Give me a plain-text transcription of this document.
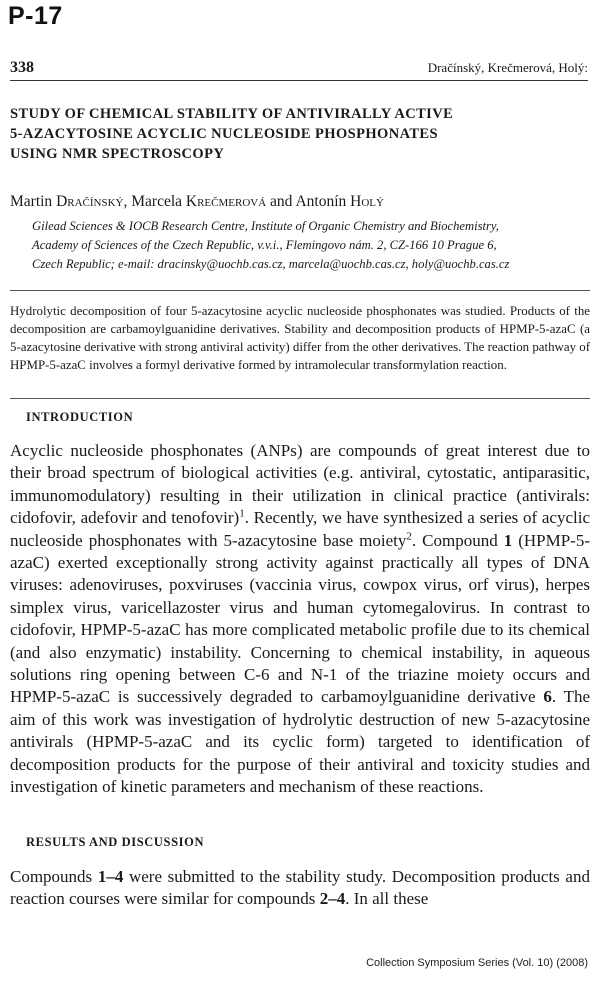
P-17
338	Dračínský, Krečmerová, Holý:
STUDY OF CHEMICAL STABILITY OF ANTIVIRALLY ACTIVE
5-AZACYTOSINE ACYCLIC NUCLEOSIDE PHOSPHONATES
USING NMR SPECTROSCOPY
Martin Dračínský, Marcela Krečmerová and Antonín Holý
Gilead Sciences & IOCB Research Centre, Institute of Organic Chemistry and Biochemistry,
Academy of Sciences of the Czech Republic, v.v.i., Flemingovo nám. 2, CZ-166 10 Prague 6,
Czech Republic; e-mail: dracinsky@uochb.cas.cz, marcela@uochb.cas.cz, holy@uochb.cas.cz

Hydrolytic decomposition of four 5-azacytosine acyclic nucleoside phosphonates was studied. Products of the decomposition are carbamoylguanidine derivatives. Stability and decomposition products of HPMP-5-azaC (a 5-azacytosine derivative with strong antiviral activity) differ from the other derivatives. The reaction pathway of HPMP-5-azaC involves a formyl derivative formed by intramolecular transformylation reaction.

INTRODUCTION

Acyclic nucleoside phosphonates (ANPs) are compounds of great interest due to their broad spectrum of biological activities (e.g. antiviral, cytostatic, antiparasitic, immunomodulatory) resulting in their utilization in clinical practice (antivirals: cidofovir, adefovir and tenofovir)$^1$. Recently, we have synthesized a series of acyclic nucleoside phosphonates with 5-azacytosine base moiety$^2$. Compound 1 (HPMP-5-azaC) exerted exceptionally strong activity against practically all types of DNA viruses: adenoviruses, poxviruses (vaccinia virus, cowpox virus, orf virus), herpes simplex virus, varicellazoster virus and human cytomegalovirus. In contrast to cidofovir, HPMP-5-azaC has more complicated metabolic profile due to its chemical (and also enzymatic) instability. Concerning to chemical instability, in aqueous solutions ring opening between C-6 and N-1 of the triazine moiety occurs and HPMP-5-azaC is successively degraded to carbamoylguanidine derivative 6. The aim of this work was investigation of hydrolytic destruction of new 5-azacytosine antivirals (HPMP-5-azaC and its cyclic form) targeted to identification of decomposition products for the purpose of their antiviral and toxicity studies and investigation of kinetic parameters and mechanism of these reactions.

RESULTS AND DISCUSSION

Compounds 1–4 were submitted to the stability study. Decomposition products and reaction courses were similar for compounds 2–4. In all these

Collection Symposium Series (Vol. 10) (2008)
